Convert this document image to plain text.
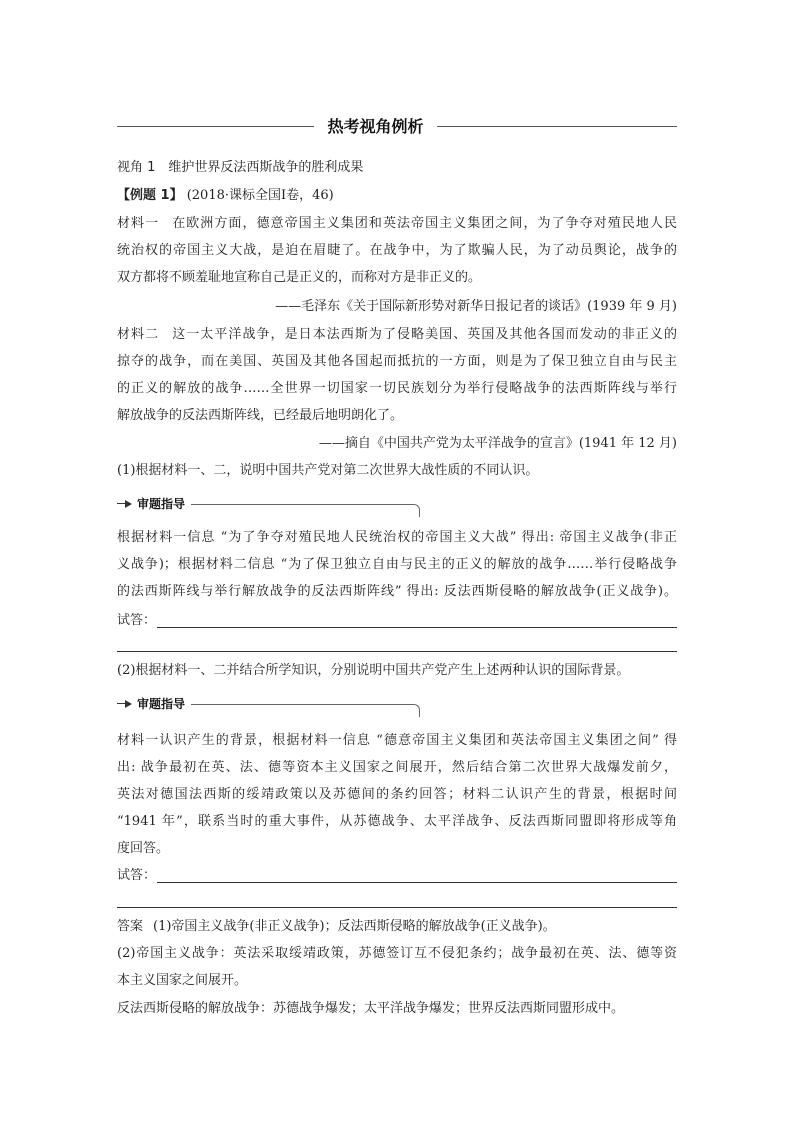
热考视角例析
视角 1　维护世界反法西斯战争的胜利成果
【例题 1】 (2018·课标全国Ⅰ卷，46)
材料一 在欧洲方面，德意帝国主义集团和英法帝国主义集团之间，为了争夺对殖民地人民
统治权的帝国主义大战，是迫在眉睫了。在战争中，为了欺骗人民，为了动员舆论，战争的
双方都将不顾羞耻地宣称自己是正义的，而称对方是非正义的。
——毛泽东《关于国际新形势对新华日报记者的谈话》(1939 年 9 月)
材料二 这一太平洋战争，是日本法西斯为了侵略美国、英国及其他各国而发动的非正义的
掠夺的战争，而在美国、英国及其他各国起而抵抗的一方面，则是为了保卫独立自由与民主
的正义的解放的战争……全世界一切国家一切民族划分为举行侵略战争的法西斯阵线与举行
解放战争的反法西斯阵线，已经最后地明朗化了。
——摘自《中国共产党为太平洋战争的宣言》(1941 年 12 月)
(1)根据材料一、二，说明中国共产党对第二次世界大战性质的不同认识。
审题指导
根据材料一信息 “为了争夺对殖民地人民统治权的帝国主义大战” 得出: 帝国主义战争(非正
义战争)；根据材料二信息 “为了保卫独立自由与民主的正义的解放的战争……举行侵略战争
的法西斯阵线与举行解放战争的反法西斯阵线” 得出: 反法西斯侵略的解放战争(正义战争)。
试答：
(2)根据材料一、二并结合所学知识，分别说明中国共产党产生上述两种认识的国际背景。
审题指导
材料一认识产生的背景，根据材料一信息 “德意帝国主义集团和英法帝国主义集团之间” 得
出: 战争最初在英、法、德等资本主义国家之间展开，然后结合第二次世界大战爆发前夕，
英法对德国法西斯的绥靖政策以及苏德间的条约回答；材料二认识产生的背景，根据时间
“1941 年”，联系当时的重大事件，从苏德战争、太平洋战争、反法西斯同盟即将形成等角
度回答。
试答：
答案 (1)帝国主义战争(非正义战争)；反法西斯侵略的解放战争(正义战争)。
(2)帝国主义战争：英法采取绥靖政策，苏德签订互不侵犯条约；战争最初在英、法、德等资
本主义国家之间展开。
反法西斯侵略的解放战争：苏德战争爆发；太平洋战争爆发；世界反法西斯同盟形成中。
